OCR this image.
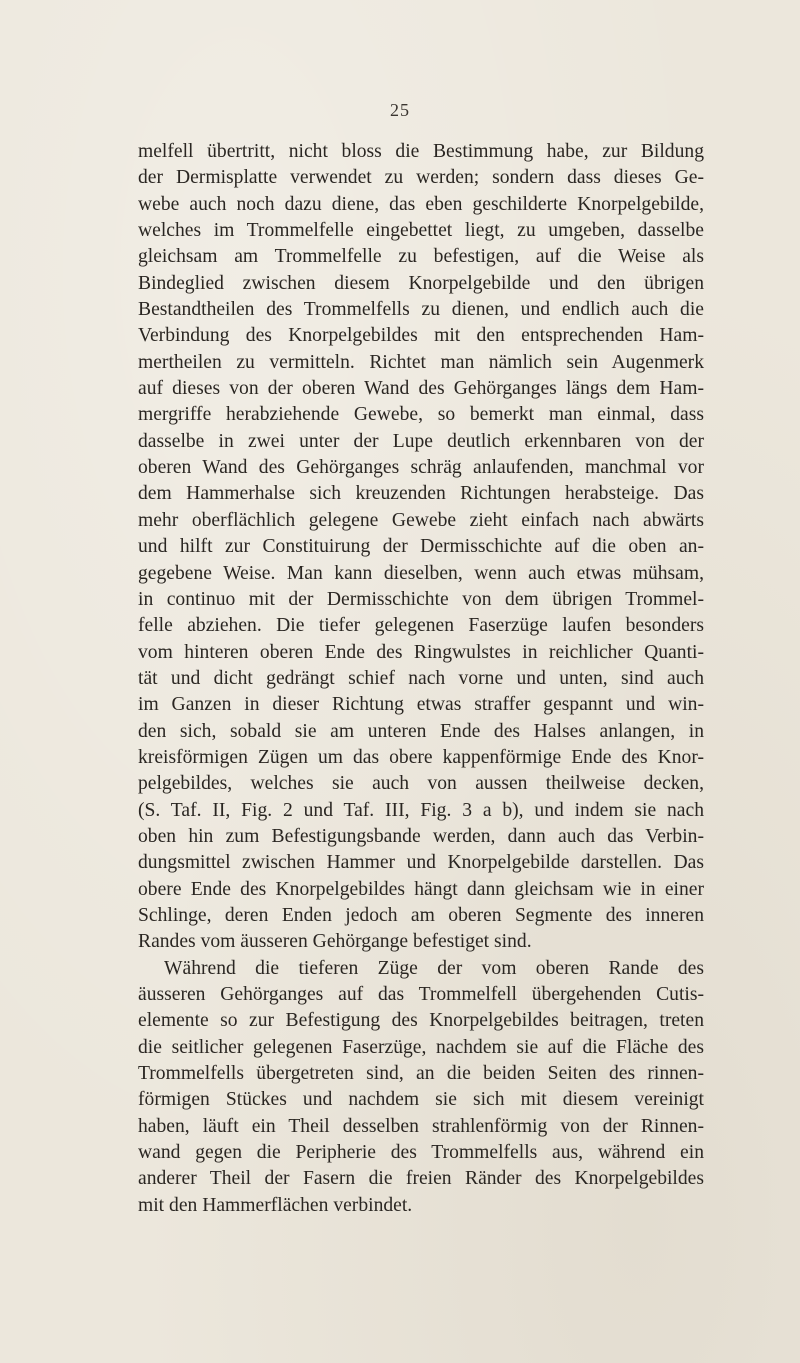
25
melfell übertritt, nicht bloss die Bestimmung habe, zur Bildung
der Dermisplatte verwendet zu werden; sondern dass dieses Ge-
webe auch noch dazu diene, das eben geschilderte Knorpelgebilde,
welches im Trommelfelle eingebettet liegt, zu umgeben, dasselbe
gleichsam am Trommelfelle zu befestigen, auf die Weise als
Bindeglied zwischen diesem Knorpelgebilde und den übrigen
Bestandtheilen des Trommelfells zu dienen, und endlich auch die
Verbindung des Knorpelgebildes mit den entsprechenden Ham-
mertheilen zu vermitteln. Richtet man nämlich sein Augenmerk
auf dieses von der oberen Wand des Gehörganges längs dem Ham-
mergriffe herabziehende Gewebe, so bemerkt man einmal, dass
dasselbe in zwei unter der Lupe deutlich erkennbaren von der
oberen Wand des Gehörganges schräg anlaufenden, manchmal vor
dem Hammerhalse sich kreuzenden Richtungen herabsteige. Das
mehr oberflächlich gelegene Gewebe zieht einfach nach abwärts
und hilft zur Constituirung der Dermisschichte auf die oben an-
gegebene Weise. Man kann dieselben, wenn auch etwas mühsam,
in continuo mit der Dermisschichte von dem übrigen Trommel-
felle abziehen. Die tiefer gelegenen Faserzüge laufen besonders
vom hinteren oberen Ende des Ringwulstes in reichlicher Quanti-
tät und dicht gedrängt schief nach vorne und unten, sind auch
im Ganzen in dieser Richtung etwas straffer gespannt und win-
den sich, sobald sie am unteren Ende des Halses anlangen, in
kreisförmigen Zügen um das obere kappenförmige Ende des Knor-
pelgebildes, welches sie auch von aussen theilweise decken,
(S. Taf. II, Fig. 2 und Taf. III, Fig. 3 a b), und indem sie nach
oben hin zum Befestigungsbande werden, dann auch das Verbin-
dungsmittel zwischen Hammer und Knorpelgebilde darstellen. Das
obere Ende des Knorpelgebildes hängt dann gleichsam wie in einer
Schlinge, deren Enden jedoch am oberen Segmente des inneren
Randes vom äusseren Gehörgange befestiget sind.
Während die tieferen Züge der vom oberen Rande des
äusseren Gehörganges auf das Trommelfell übergehenden Cutis-
elemente so zur Befestigung des Knorpelgebildes beitragen, treten
die seitlicher gelegenen Faserzüge, nachdem sie auf die Fläche des
Trommelfells übergetreten sind, an die beiden Seiten des rinnen-
förmigen Stückes und nachdem sie sich mit diesem vereinigt
haben, läuft ein Theil desselben strahlenförmig von der Rinnen-
wand gegen die Peripherie des Trommelfells aus, während ein
anderer Theil der Fasern die freien Ränder des Knorpelgebildes
mit den Hammerflächen verbindet.
